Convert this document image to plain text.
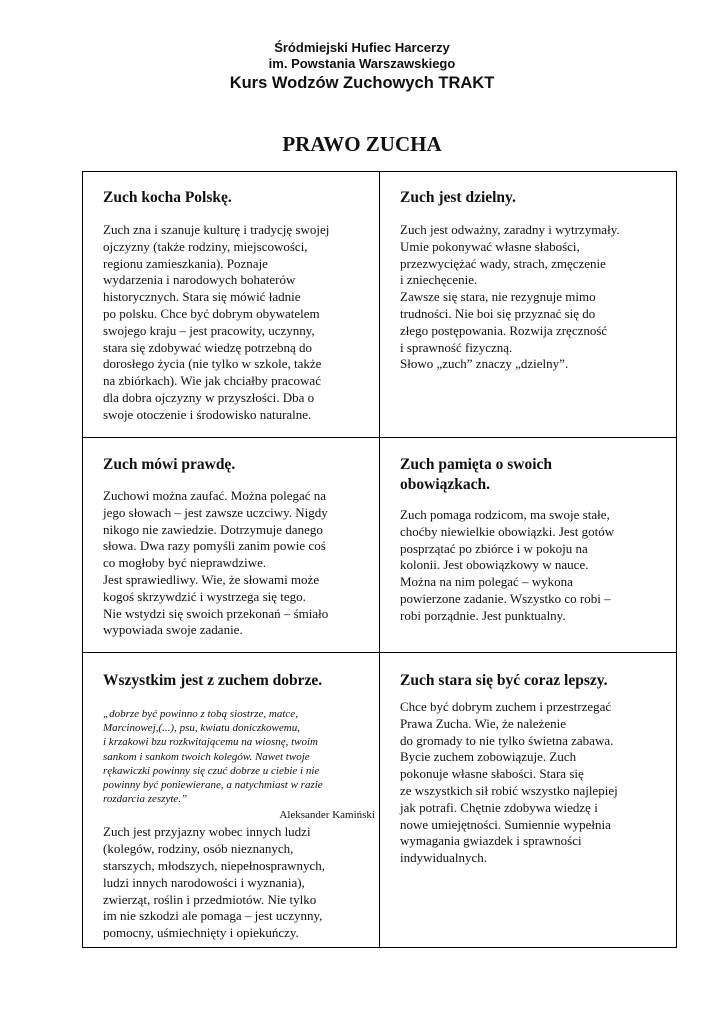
Śródmiejski Hufiec Harcerzy
im. Powstania Warszawskiego
Kurs Wodzów Zuchowych TRAKT
PRAWO ZUCHA

Zuch kocha Polskę.

Zuch zna i szanuje kulturę i tradycję swojej
ojczyzny (także rodziny, miejscowości,
regionu zamieszkania). Poznaje
wydarzenia i narodowych bohaterów
historycznych. Stara się mówić ładnie
po polsku. Chce być dobrym obywatelem
swojego kraju – jest pracowity, uczynny,
stara się zdobywać wiedzę potrzebną do
dorosłego życia (nie tylko w szkole, także
na zbiórkach). Wie jak chciałby pracować
dla dobra ojczyzny w przyszłości. Dba o
swoje otoczenie i środowisko naturalne.

Zuch jest dzielny.

Zuch jest odważny, zaradny i wytrzymały.
Umie pokonywać własne słabości,
przezwyciężać wady, strach, zmęczenie
i zniechęcenie.
Zawsze się stara, nie rezygnuje mimo
trudności. Nie boi się przyznać się do
złego postępowania. Rozwija zręczność
i sprawność fizyczną.
Słowo „zuch” znaczy „dzielny”.

Zuch mówi prawdę.

Zuchowi można zaufać. Można polegać na
jego słowach – jest zawsze uczciwy. Nigdy
nikogo nie zawiedzie. Dotrzymuje danego
słowa. Dwa razy pomyśli zanim powie coś
co mogłoby być nieprawdziwe.
Jest sprawiedliwy. Wie, że słowami może
kogoś skrzywdzić i wystrzega się tego.
Nie wstydzi się swoich przekonań – śmiało
wypowiada swoje zadanie.

Zuch pamięta o swoich
obowiązkach.

Zuch pomaga rodzicom, ma swoje stałe,
choćby niewielkie obowiązki. Jest gotów
posprzątać po zbiórce i w pokoju na
kolonii. Jest obowiązkowy w nauce.
Można na nim polegać – wykona
powierzone zadanie. Wszystko co robi –
robi porządnie. Jest punktualny.

Wszystkim jest z zuchem dobrze.

„dobrze być powinno z tobą siostrze, matce,
Marcinowej,(...), psu, kwiatu doniczkowemu,
i krzakowi bzu rozkwitającemu na wiosnę, twoim
sankom i sankom twoich kolegów. Nawet twoje
rękawiczki powinny się czuć dobrze u ciebie i nie
powinny być poniewierane, a natychmiast w razie
rozdarcia zeszyte.”

Aleksander Kamiński

Zuch jest przyjazny wobec innych ludzi
(kolegów, rodziny, osób nieznanych,
starszych, młodszych, niepełnosprawnych,
ludzi innych narodowości i wyznania),
zwierząt, roślin i przedmiotów. Nie tylko
im nie szkodzi ale pomaga – jest uczynny,
pomocny, uśmiechnięty i opiekuńczy.

Zuch stara się być coraz lepszy.

Chce być dobrym zuchem i przestrzegać
Prawa Zucha. Wie, że należenie
do gromady to nie tylko świetna zabawa.
Bycie zuchem zobowiązuje. Zuch
pokonuje własne słabości. Stara się
ze wszystkich sił robić wszystko najlepiej
jak potrafi. Chętnie zdobywa wiedzę i
nowe umiejętności. Sumiennie wypełnia
wymagania gwiazdek i sprawności
indywidualnych.
